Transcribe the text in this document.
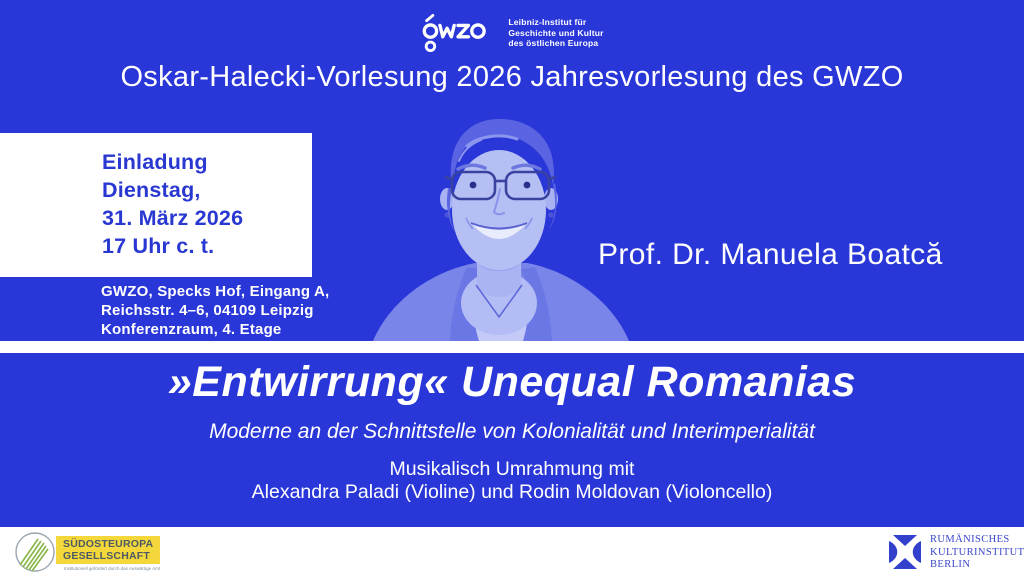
Leibniz-Institut für
Geschichte und Kultur
des östlichen Europa
Oskar-Halecki-Vorlesung 2026 Jahresvorlesung des GWZO
Einladung
Dienstag,
31. März 2026
17 Uhr c. t.
GWZO, Specks Hof, Eingang A,
Reichsstr. 4–6, 04109 Leipzig
Konferenzraum, 4. Etage
Prof. Dr. Manuela Boatcă
»Entwirrung« Unequal Romanias
Moderne an der Schnittstelle von Kolonialität und Interimperialität
Musikalisch Umrahmung mit
Alexandra Paladi (Violine) und Rodin Moldovan (Violoncello)
SÜDOSTEUROPA
GESELLSCHAFT
Institutionell gefördert durch das Auswärtige Amt
RUMÄNISCHES
KULTURINSTITUT
BERLIN
